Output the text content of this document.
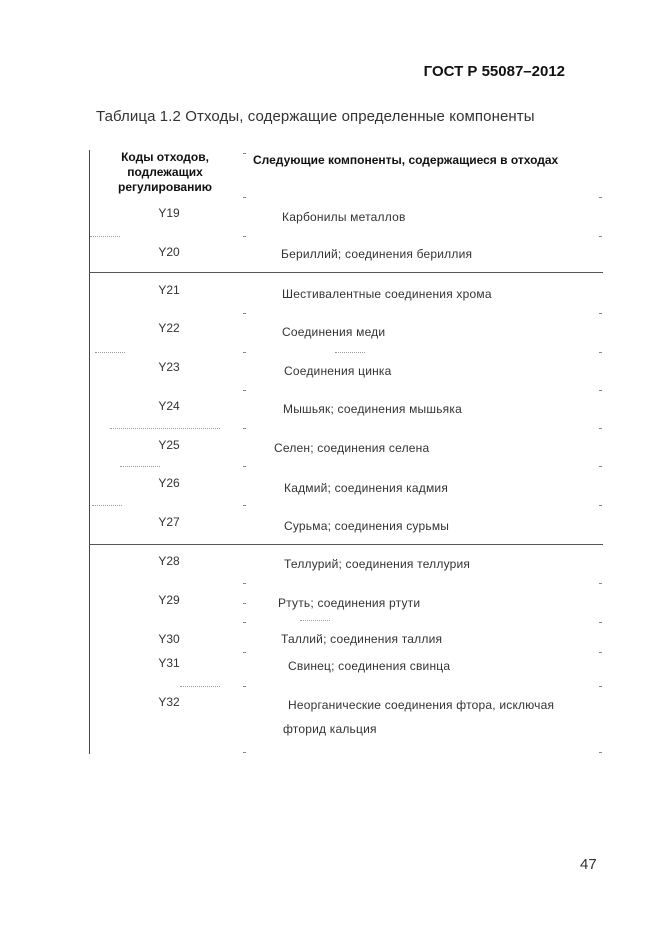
ГОСТ Р 55087–2012
Таблица 1.2 Отходы, содержащие определенные компоненты
Коды отходов, подлежащих регулированию
Следующие компоненты, содержащиеся в отходах
Y19	Карбонилы металлов
Y20	Бериллий; соединения бериллия
Y21	Шестивалентные соединения хрома
Y22	Соединения меди
Y23	Соединения цинка
Y24	Мышьяк; соединения мышьяка
Y25	Селен; соединения селена
Y26	Кадмий; соединения кадмия
Y27	Сурьма; соединения сурьмы
Y28	Теллурий; соединения теллурия
Y29	Ртуть; соединения ртути
Y30	Таллий; соединения таллия
Y31	Свинец; соединения свинца
Y32	Неорганические соединения фтора, исключая
фторид кальция
47
